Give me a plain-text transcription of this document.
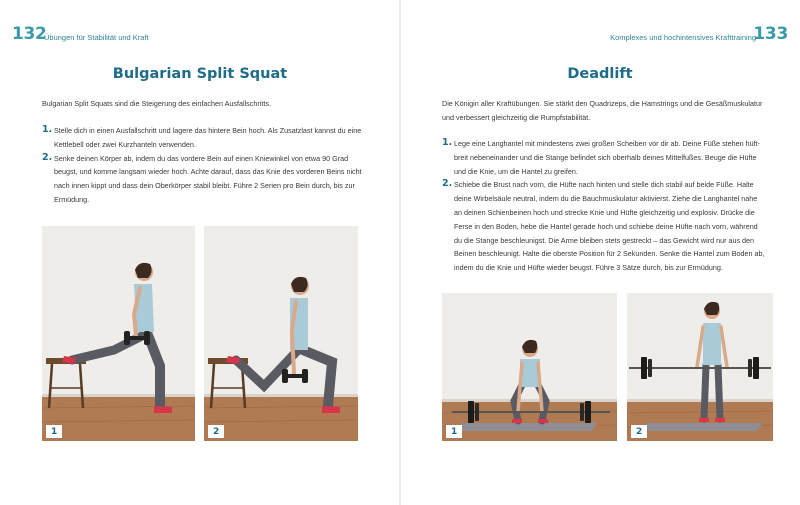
132
Übungen für Stabilität und Kraft
Bulgarian Split Squat
Bulgarian Split Squats sind die Steigerung des einfachen Ausfallschritts.
1. Stelle dich in einen Ausfallschritt und lagere das hintere Bein hoch. Als Zusatzlast kannst du eine
Kettlebell oder zwei Kurzhanteln verwenden.
2. Senke deinen Körper ab, indem du das vordere Bein auf einen Kniewinkel von etwa 90 Grad
beugst, und komme langsam wieder hoch. Achte darauf, dass das Knie des vorderen Beins nicht
nach innen kippt und dass dein Oberkörper stabil bleibt. Führe 2 Serien pro Bein durch, bis zur
Ermüdung.
1	2
133
Komplexes und hochintensives Krafttraining
Deadlift
Die Königin aller Kraftübungen. Sie stärkt den Quadrizeps, die Hamstrings und die Gesäßmuskulatur
und verbessert gleichzeitig die Rumpfstabilität.
1. Lege eine Langhantel mit mindestens zwei großen Scheiben vor dir ab. Deine Füße stehen hüft-
breit nebeneinander und die Stange befindet sich oberhalb deines Mittelfußes. Beuge die Hüfte
und die Knie, um die Hantel zu greifen.
2. Schiebe die Brust nach vorn, die Hüfte nach hinten und stelle dich stabil auf beide Füße. Halte
deine Wirbelsäule neutral, indem du die Bauchmuskulatur aktivierst. Ziehe die Langhantel nahe
an deinen Schienbeinen hoch und strecke Knie und Hüfte gleichzeitig und explosiv. Drücke die
Ferse in den Boden, hebe die Hantel gerade hoch und schiebe deine Hüfte nach vorn, während
du die Stange beschleunigst. Die Arme bleiben stets gestreckt – das Gewicht wird nur aus den
Beinen beschleunigt. Halte die oberste Position für 2 Sekunden. Senke die Hantel zum Boden ab,
indem du die Knie und Hüfte wieder beugst. Führe 3 Sätze durch, bis zur Ermüdung.
1	2
